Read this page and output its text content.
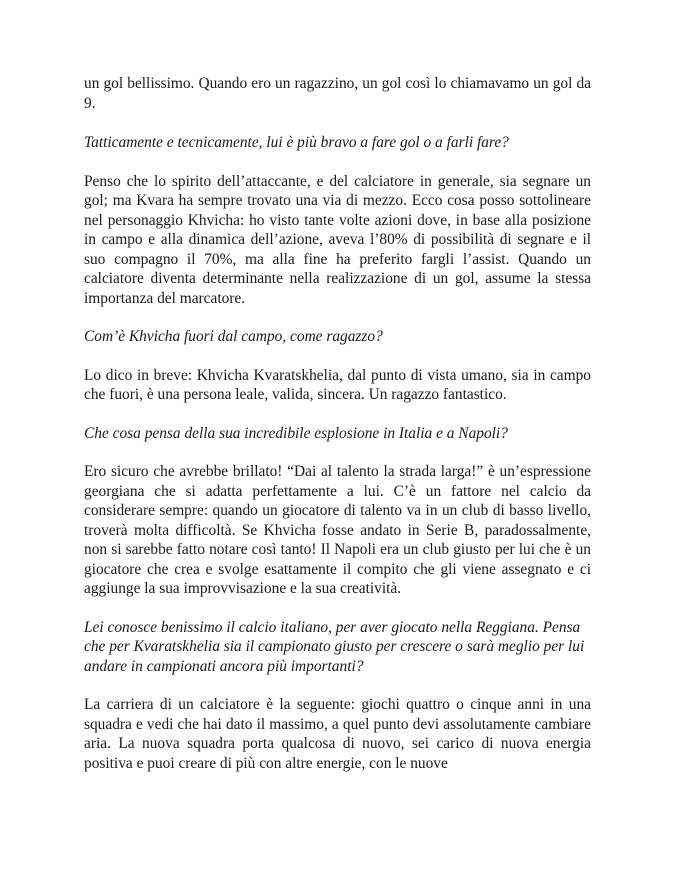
un gol bellissimo. Quando ero un ragazzino, un gol così lo chiamavamo un gol da 9.

Tatticamente e tecnicamente, lui è più bravo a fare gol o a farli fare?

Penso che lo spirito dell’attaccante, e del calciatore in generale, sia segnare un gol; ma Kvara ha sempre trovato una via di mezzo. Ecco cosa posso sottolineare nel personaggio Khvicha: ho visto tante volte azioni dove, in base alla posizione in campo e alla dinamica dell’azione, aveva l’80% di possibilità di segnare e il suo compagno il 70%, ma alla fine ha preferito fargli l’assist. Quando un calciatore diventa determinante nella realizzazione di un gol, assume la stessa importanza del marcatore.

Com’è Khvicha fuori dal campo, come ragazzo?

Lo dico in breve: Khvicha Kvaratskhelia, dal punto di vista umano, sia in campo che fuori, è una persona leale, valida, sincera. Un ragazzo fantastico.

Che cosa pensa della sua incredibile esplosione in Italia e a Napoli?

Ero sicuro che avrebbe brillato! “Dai al talento la strada larga!” è un’espressione georgiana che si adatta perfettamente a lui. C’è un fattore nel calcio da considerare sempre: quando un giocatore di talento va in un club di basso livello, troverà molta difficoltà. Se Khvicha fosse andato in Serie B, paradossalmente, non si sarebbe fatto notare così tanto! Il Napoli era un club giusto per lui che è un giocatore che crea e svolge esattamente il compito che gli viene assegnato e ci aggiunge la sua improvvisazione e la sua creatività.

Lei conosce benissimo il calcio italiano, per aver giocato nella Reggiana. Pensa che per Kvaratskhelia sia il campionato giusto per crescere o sarà meglio per lui andare in campionati ancora più importanti?

La carriera di un calciatore è la seguente: giochi quattro o cinque anni in una squadra e vedi che hai dato il massimo, a quel punto devi assolutamente cambiare aria. La nuova squadra porta qualcosa di nuovo, sei carico di nuova energia positiva e puoi creare di più con altre energie, con le nuove
